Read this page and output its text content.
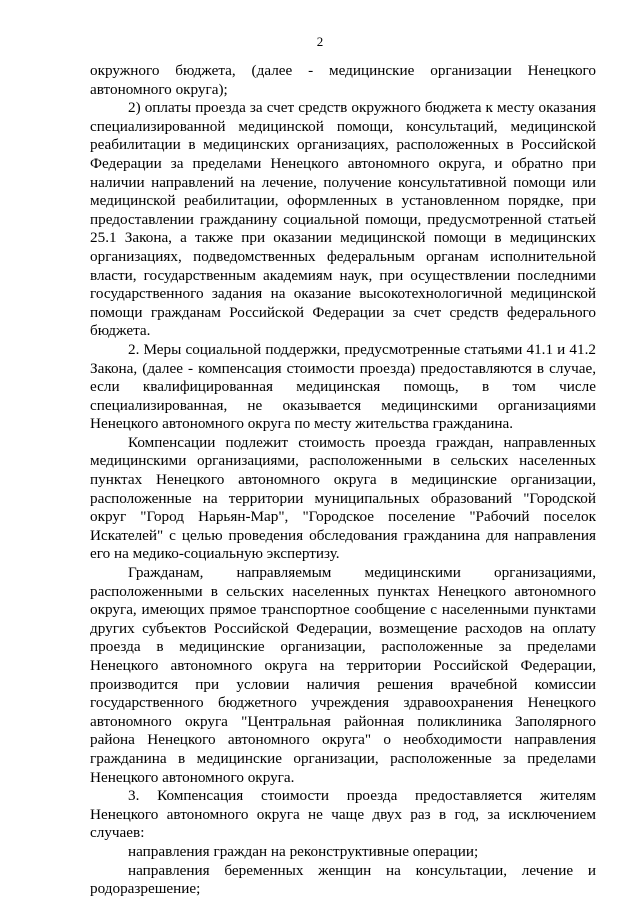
2

окружного бюджета, (далее - медицинские организации Ненецкого автономного округа);

2) оплаты проезда за счет средств окружного бюджета к месту оказания специализированной медицинской помощи, консультаций, медицинской реабилитации в медицинских организациях, расположенных в Российской Федерации за пределами Ненецкого автономного округа, и обратно при наличии направлений на лечение, получение консультативной помощи или медицинской реабилитации, оформленных в установленном порядке, при предоставлении гражданину социальной помощи, предусмотренной статьей 25.1 Закона, а также при оказании медицинской помощи в медицинских организациях, подведомственных федеральным органам исполнительной власти, государственным академиям наук, при осуществлении последними государственного задания на оказание высокотехнологичной медицинской помощи гражданам Российской Федерации за счет средств федерального бюджета.

2. Меры социальной поддержки, предусмотренные статьями 41.1 и 41.2 Закона, (далее - компенсация стоимости проезда) предоставляются в случае, если квалифицированная медицинская помощь, в том числе специализированная, не оказывается медицинскими организациями Ненецкого автономного округа по месту жительства гражданина.

Компенсации подлежит стоимость проезда граждан, направленных медицинскими организациями, расположенными в сельских населенных пунктах Ненецкого автономного округа в медицинские организации, расположенные на территории муниципальных образований "Городской округ "Город Нарьян-Мар", "Городское поселение "Рабочий поселок Искателей" с целью проведения обследования гражданина для направления его на медико-социальную экспертизу.

Гражданам, направляемым медицинскими организациями, расположенными в сельских населенных пунктах Ненецкого автономного округа, имеющих прямое транспортное сообщение с населенными пунктами других субъектов Российской Федерации, возмещение расходов на оплату проезда в медицинские организации, расположенные за пределами Ненецкого автономного округа на территории Российской Федерации, производится при условии наличия решения врачебной комиссии государственного бюджетного учреждения здравоохранения Ненецкого автономного округа "Центральная районная поликлиника Заполярного района Ненецкого автономного округа" о необходимости направления гражданина в медицинские организации, расположенные за пределами Ненецкого автономного округа.

3. Компенсация стоимости проезда предоставляется жителям Ненецкого автономного округа не чаще двух раз в год, за исключением случаев:

направления граждан на реконструктивные операции;

направления беременных женщин на консультации, лечение и родоразрешение;
